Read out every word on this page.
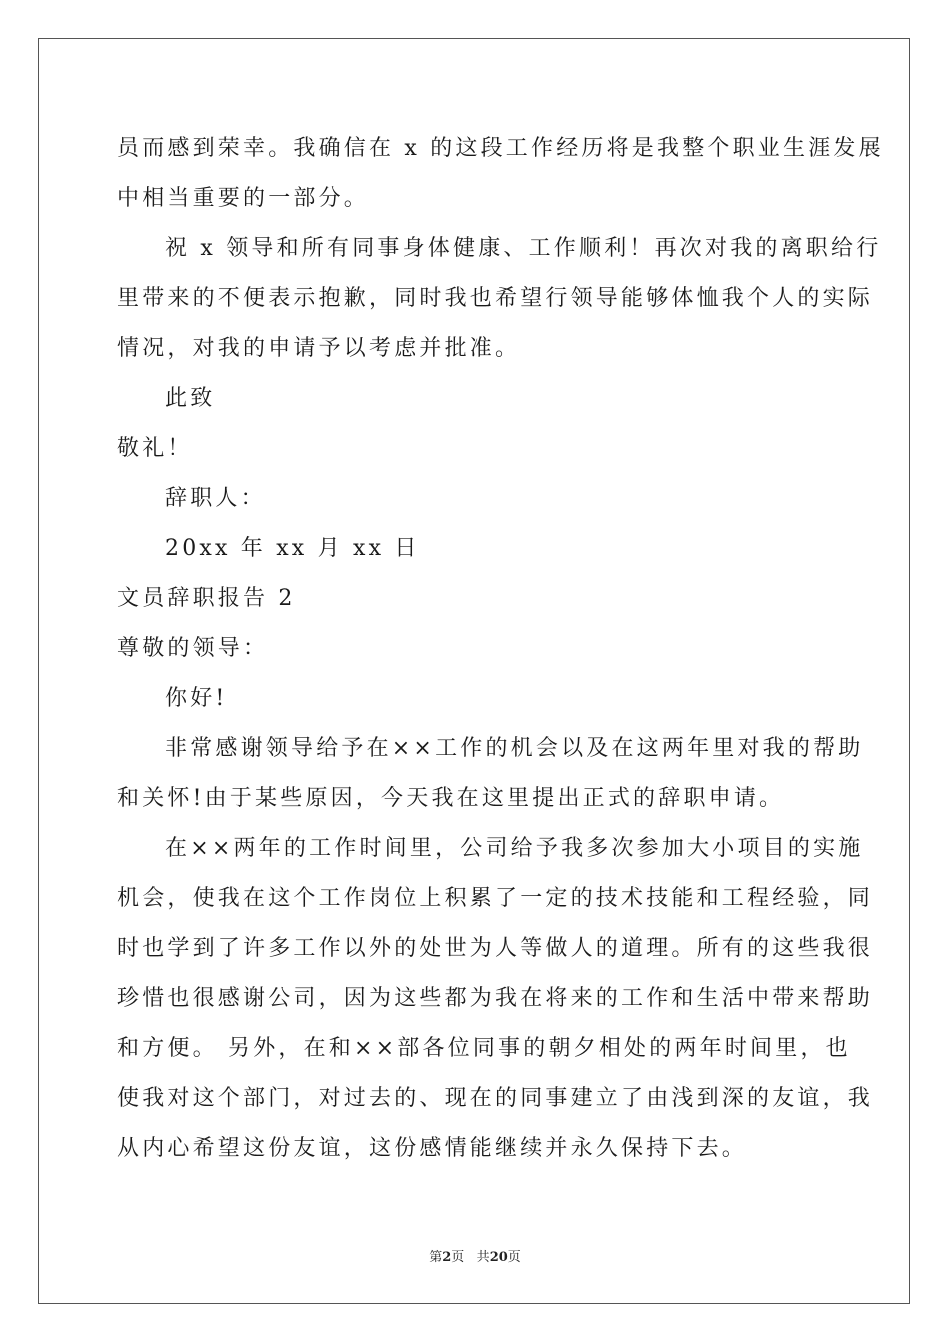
员而感到荣幸。我确信在 x 的这段工作经历将是我整个职业生涯发展
中相当重要的一部分。
祝 x 领导和所有同事身体健康、工作顺利！再次对我的离职给行
里带来的不便表示抱歉，同时我也希望行领导能够体恤我个人的实际
情况，对我的申请予以考虑并批准。
此致
敬礼！
辞职人：
20xx 年 xx 月 xx 日
文员辞职报告 2
尊敬的领导：
你好!
非常感谢领导给予在××工作的机会以及在这两年里对我的帮助
和关怀!由于某些原因，今天我在这里提出正式的辞职申请。
在××两年的工作时间里，公司给予我多次参加大小项目的实施
机会，使我在这个工作岗位上积累了一定的技术技能和工程经验，同
时也学到了许多工作以外的处世为人等做人的道理。所有的这些我很
珍惜也很感谢公司，因为这些都为我在将来的工作和生活中带来帮助
和方便。 另外，在和××部各位同事的朝夕相处的两年时间里，也
使我对这个部门，对过去的、现在的同事建立了由浅到深的友谊，我
从内心希望这份友谊，这份感情能继续并永久保持下去。
第2页 共20页
